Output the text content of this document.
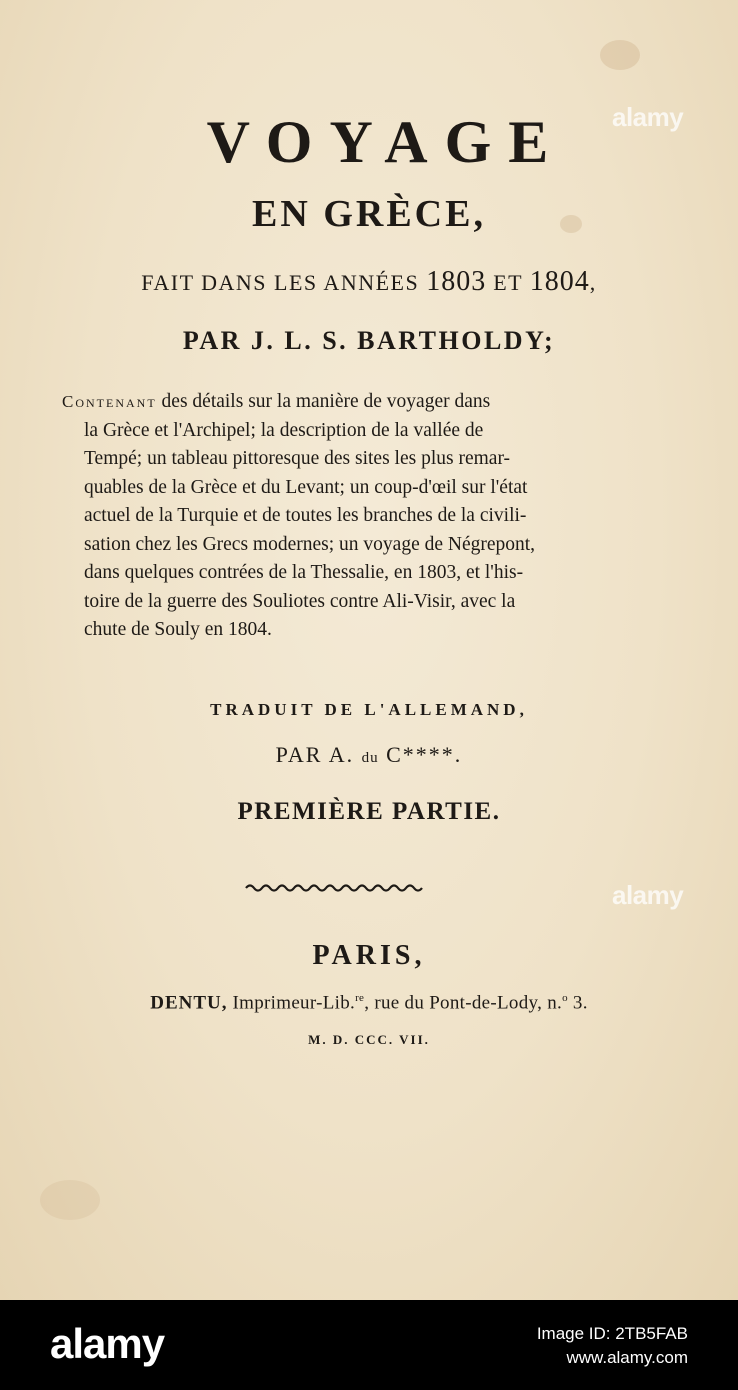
alamy
alamy
VOYAGE
EN GRÈCE,
FAIT DANS LES ANNÉES 1803 ET 1804,
PAR J. L. S. BARTHOLDY;
Contenant des détails sur la manière de voyager dans
la Grèce et l'Archipel; la description de la vallée de
Tempé; un tableau pittoresque des sites les plus remar-
quables de la Grèce et du Levant; un coup-d'œil sur l'état
actuel de la Turquie et de toutes les branches de la civili-
sation chez les Grecs modernes; un voyage de Négrepont,
dans quelques contrées de la Thessalie, en 1803, et l'his-
toire de la guerre des Souliotes contre Ali-Visir, avec la
chute de Souly en 1804.
TRADUIT DE L'ALLEMAND,
PAR A. du C****.
PREMIÈRE PARTIE.
PARIS,
DENTU, Imprimeur-Lib.$^{re}$, rue du Pont-de-Lody, n.$^o$ 3.
M. D. CCC. VII.
alamy	Image ID: 2TB5FAB
www.alamy.com
